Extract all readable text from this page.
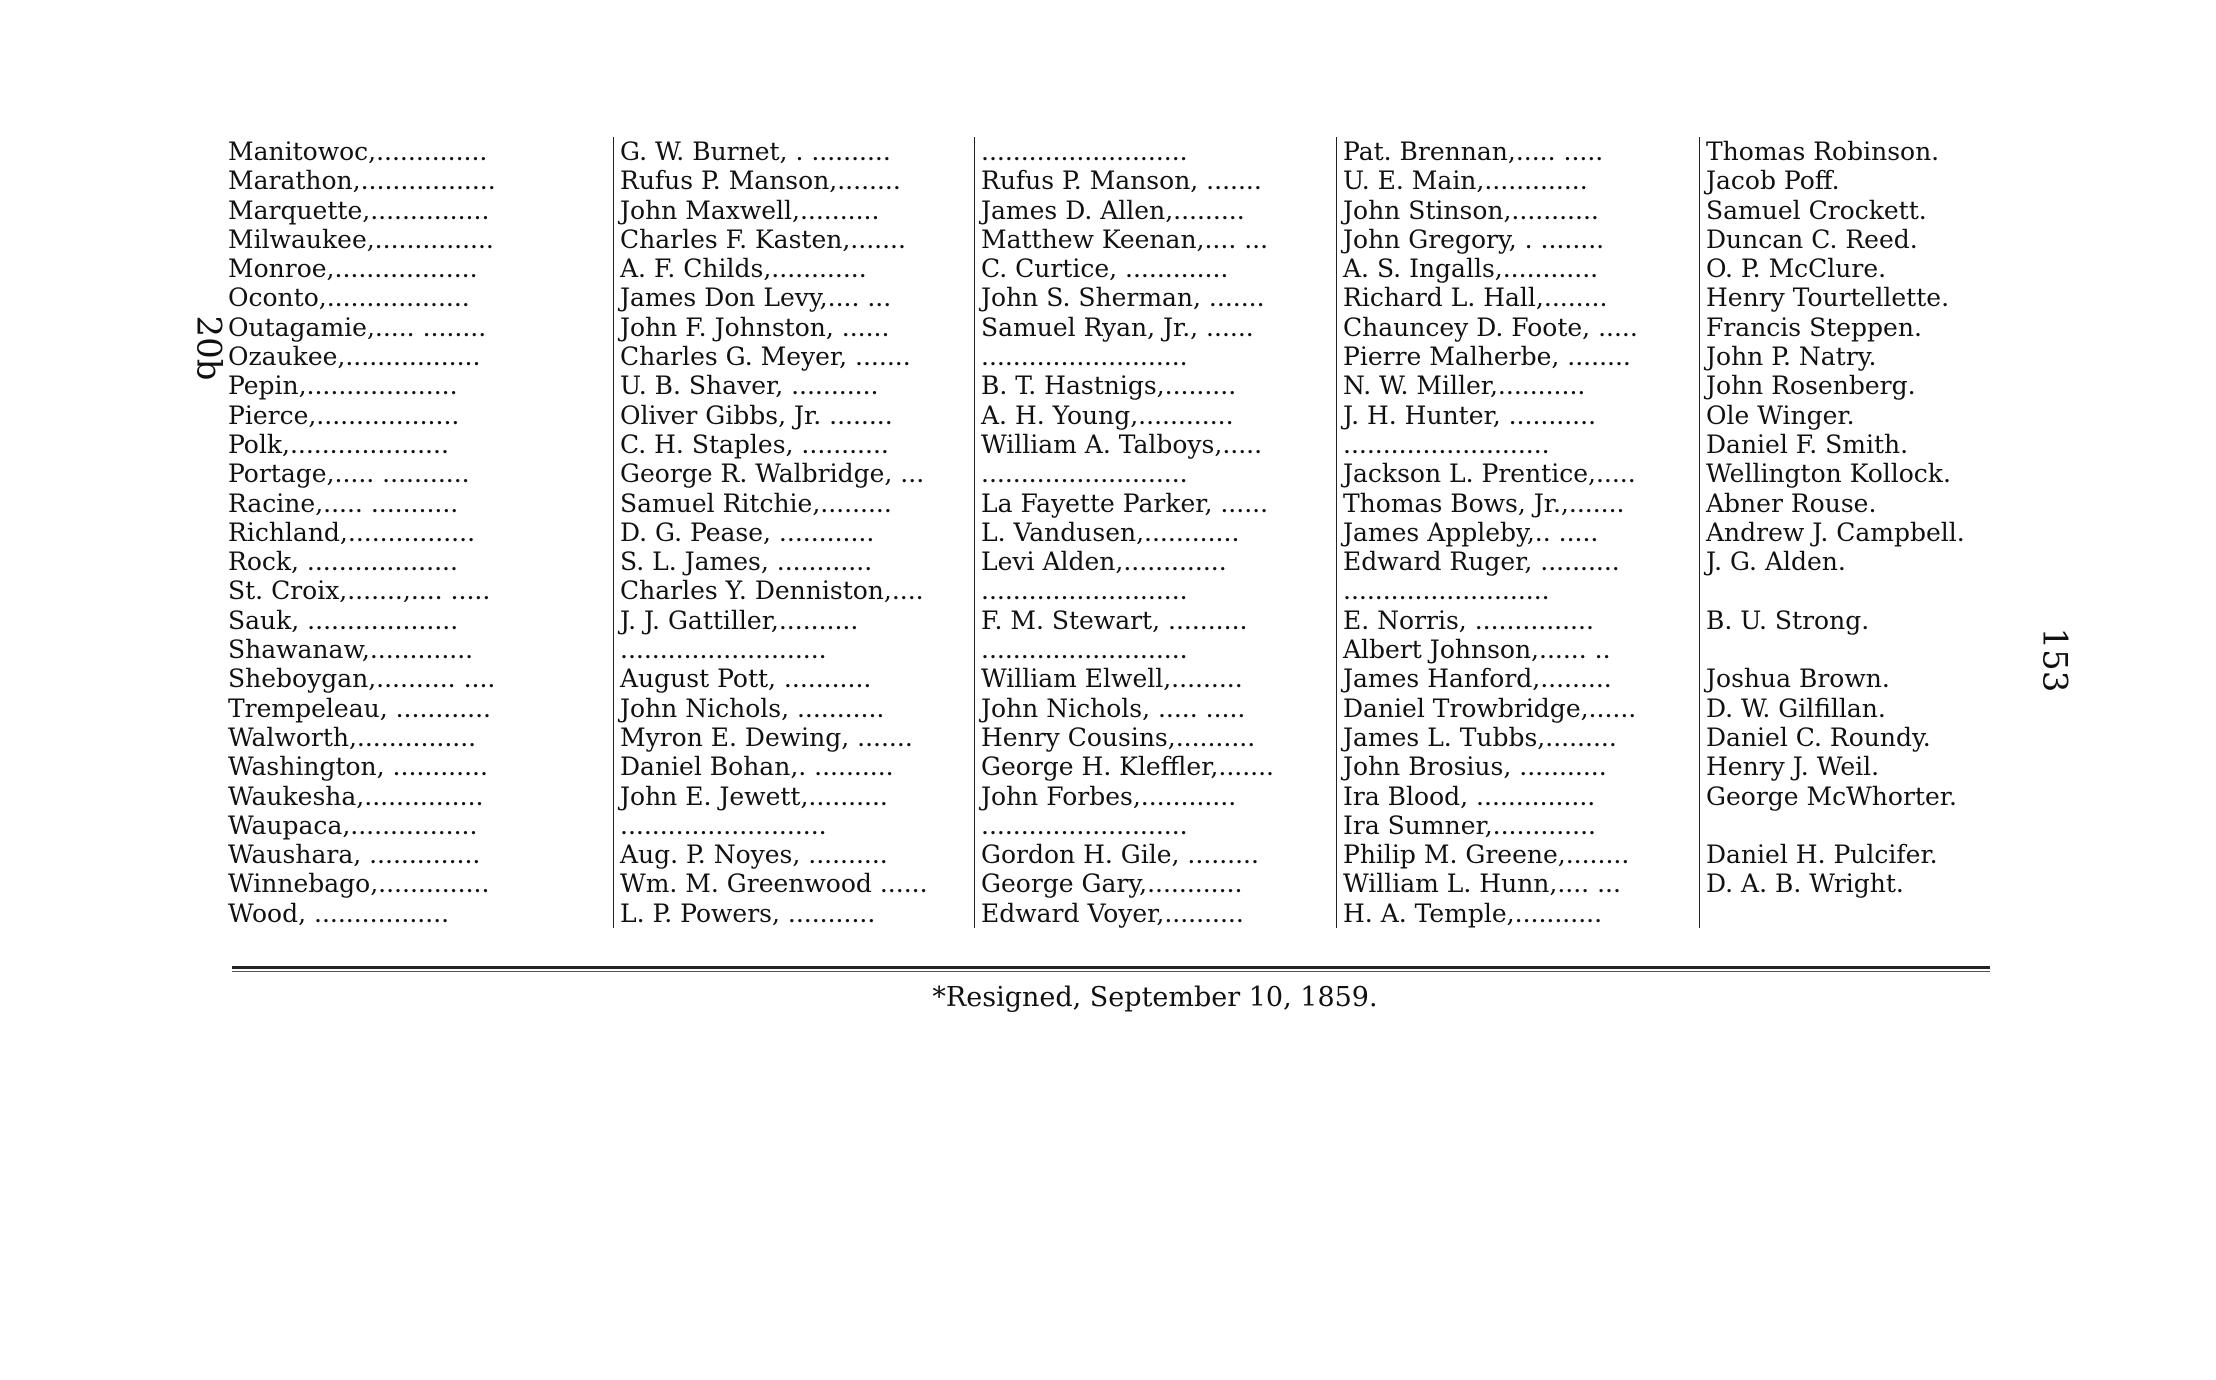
20b
153
Manitowoc,..............	G. W. Burnet, . ..........	..........................	Pat. Brennan,..... .....	Thomas Robinson.
Marathon,.................	Rufus P. Manson,........	Rufus P. Manson, .......	U. E. Main,.............	Jacob Poff.
Marquette,...............	John Maxwell,..........	James D. Allen,.........	John Stinson,...........	Samuel Crockett.
Milwaukee,...............	Charles F. Kasten,.......	Matthew Keenan,.... ...	John Gregory, . ........	Duncan C. Reed.
Monroe,..................	A. F. Childs,............	C. Curtice, .............	A. S. Ingalls,............	O. P. McClure.
Oconto,..................	James Don Levy,.... ...	John S. Sherman, .......	Richard L. Hall,........	Henry Tourtellette.
Outagamie,..... ........	John F. Johnston, ......	Samuel Ryan, Jr., ......	Chauncey D. Foote, .....	Francis Steppen.
Ozaukee,.................	Charles G. Meyer, .......	..........................	Pierre Malherbe, ........	John P. Natry.
Pepin,...................	U. B. Shaver, ...........	B. T. Hastnigs,.........	N. W. Miller,...........	John Rosenberg.
Pierce,..................	Oliver Gibbs, Jr. ........	A. H. Young,............	J. H. Hunter, ...........	Ole Winger.
Polk,....................	C. H. Staples, ...........	William A. Talboys,.....	..........................	Daniel F. Smith.
Portage,..... ...........	George R. Walbridge, ...	..........................	Jackson L. Prentice,.....	Wellington Kollock.
Racine,..... ...........	Samuel Ritchie,.........	La Fayette Parker, ......	Thomas Bows, Jr.,.......	Abner Rouse.
Richland,................	D. G. Pease, ............	L. Vandusen,............	James Appleby,.. .....	Andrew J. Campbell.
Rock, ...................	S. L. James, ............	Levi Alden,.............	Edward Ruger, ..........	J. G. Alden.
St. Croix,.......,.... .....	Charles Y. Denniston,....	..........................	..........................
Sauk, ...................	J. J. Gattiller,..........	F. M. Stewart, ..........	E. Norris, ...............	B. U. Strong.
Shawanaw,.............	..........................	..........................	Albert Johnson,...... ..
Sheboygan,.......... ....	August Pott, ...........	William Elwell,.........	James Hanford,.........	Joshua Brown.
Trempeleau, ............	John Nichols, ...........	John Nichols, ..... .....	Daniel Trowbridge,......	D. W. Gilfillan.
Walworth,...............	Myron E. Dewing, .......	Henry Cousins,..........	James L. Tubbs,.........	Daniel C. Roundy.
Washington, ............	Daniel Bohan,. ..........	George H. Kleffler,.......	John Brosius, ...........	Henry J. Weil.
Waukesha,...............	John E. Jewett,..........	John Forbes,............	Ira Blood, ...............	George McWhorter.
Waupaca,................	..........................	..........................	Ira Sumner,.............
Waushara, ..............	Aug. P. Noyes, ..........	Gordon H. Gile, .........	Philip M. Greene,........	Daniel H. Pulcifer.
Winnebago,..............	Wm. M. Greenwood ......	George Gary,............	William L. Hunn,.... ...	D. A. B. Wright.
Wood, .................	L. P. Powers, ...........	Edward Voyer,..........	H. A. Temple,...........
*Resigned, September 10, 1859.
